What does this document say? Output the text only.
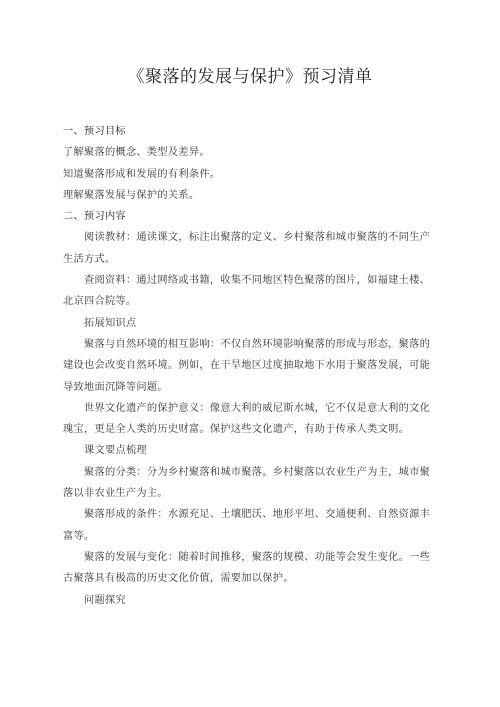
《聚落的发展与保护》预习清单

一、预习目标

了解聚落的概念、类型及差异。

知道聚落形成和发展的有利条件。

理解聚落发展与保护的关系。

二、预习内容

阅读教材：通读课文，标注出聚落的定义、乡村聚落和城市聚落的不同生产生活方式。

查阅资料：通过网络或书籍，收集不同地区特色聚落的图片，如福建土楼、北京四合院等。

拓展知识点

聚落与自然环境的相互影响：不仅自然环境影响聚落的形成与形态，聚落的建设也会改变自然环境。例如，在干旱地区过度抽取地下水用于聚落发展，可能导致地面沉降等问题。

世界文化遗产的保护意义：像意大利的威尼斯水城，它不仅是意大利的文化瑰宝，更是全人类的历史财富。保护这些文化遗产，有助于传承人类文明。

课文要点梳理

聚落的分类：分为乡村聚落和城市聚落。乡村聚落以农业生产为主，城市聚落以非农业生产为主。

聚落形成的条件：水源充足、土壤肥沃、地形平坦、交通便利、自然资源丰富等。

聚落的发展与变化：随着时间推移，聚落的规模、功能等会发生变化。一些古聚落具有极高的历史文化价值，需要加以保护。

问题探究
